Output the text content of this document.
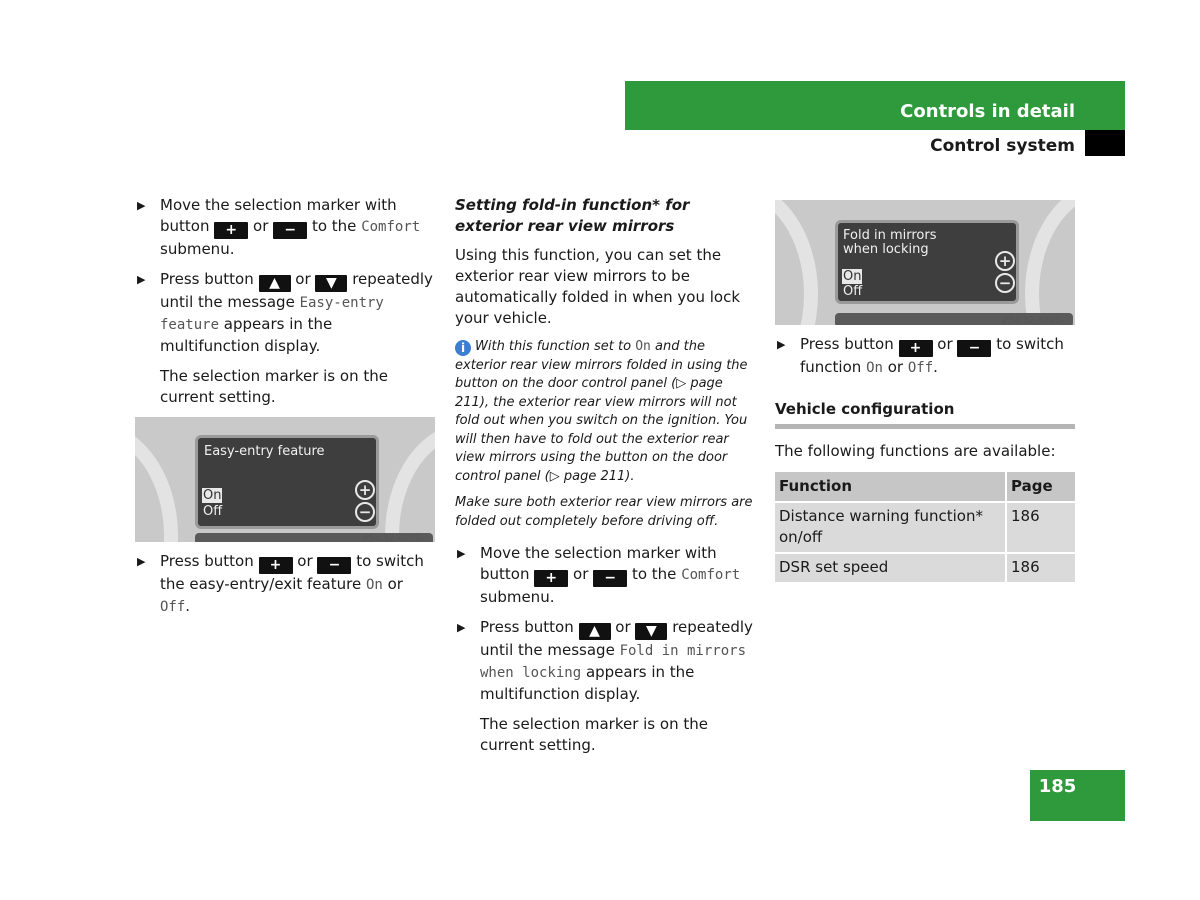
Controls in detail
Control system
▶ Move the selection marker with button + or − to the Comfort submenu.
▶ Press button ▲ or ▼ repeatedly until the message Easy-entry feature appears in the multifunction display.
The selection marker is on the current setting.
Easy-entry feature
On
Off
+
−
P54.32-4089-
▶ Press button + or − to switch the easy-entry/exit feature On or Off.
Setting fold-in function* for exterior rear view mirrors

Using this function, you can set the exterior rear view mirrors to be automatically folded in when you lock your vehicle.

i With this function set to On and the exterior rear view mirrors folded in using the button on the door control panel (▷ page 211), the exterior rear view mirrors will not fold out when you switch on the ignition. You will then have to fold out the exterior rear view mirrors using the button on the door control panel (▷ page 211).
Make sure both exterior rear view mirrors are folded out completely before driving off.
▶ Move the selection marker with button + or − to the Comfort submenu.
▶ Press button ▲ or ▼ repeatedly until the message Fold in mirrors when locking appears in the multifunction display.
The selection marker is on the current setting.
Fold in mirrors
when locking
On
Off
+
−
P54.32-4090-
▶ Press button + or − to switch function On or Off.
Vehicle configuration

The following functions are available:

Function	Page
Distance warning function* on/off	186
DSR set speed	186
185
